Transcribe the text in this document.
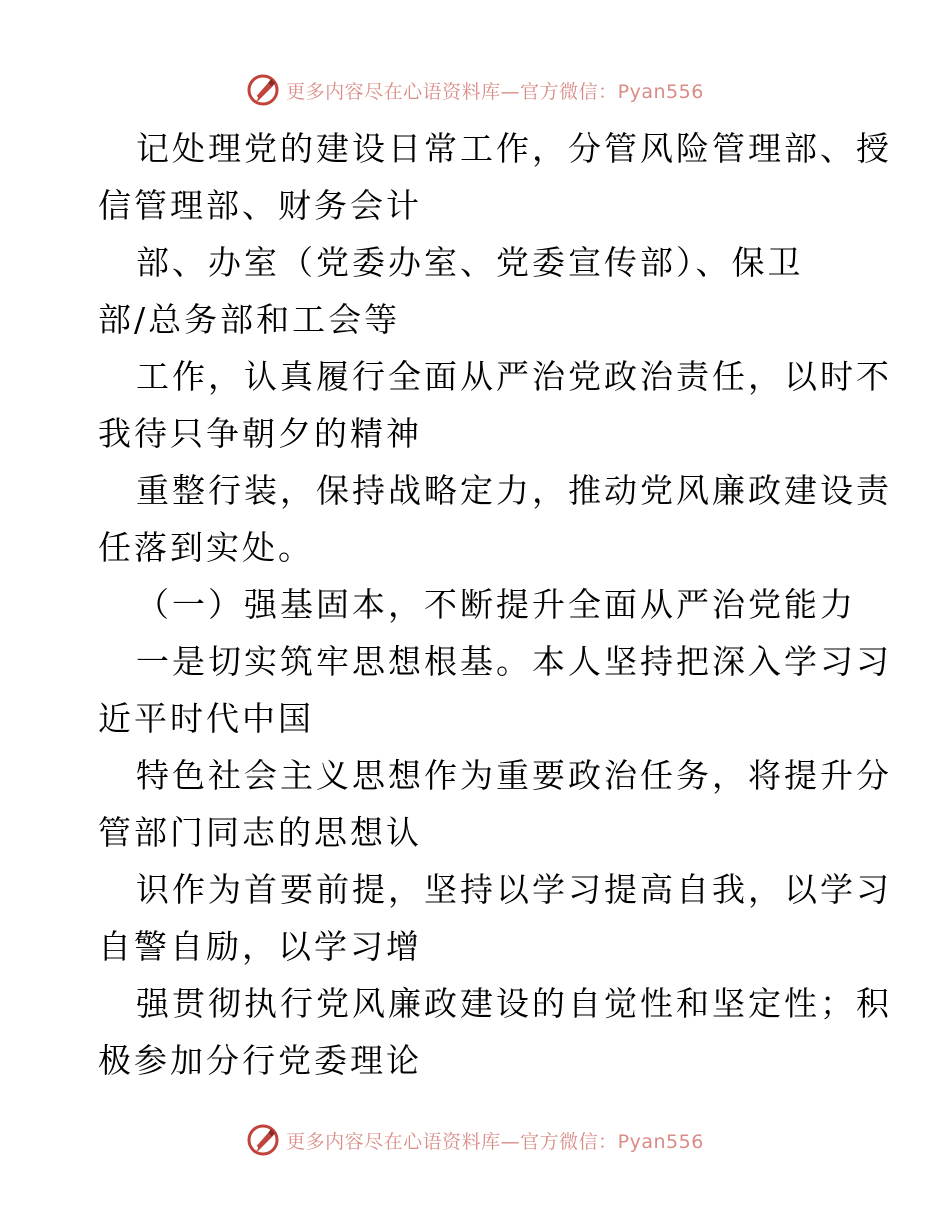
更多内容尽在心语资料库—官方微信：Pyan556
记处理党的建设日常工作，分管风险管理部、授
信管理部、财务会计
部、办室（党委办室、党委宣传部）、保卫
部/总务部和工会等
工作，认真履行全面从严治党政治责任，以时不
我待只争朝夕的精神
重整行装，保持战略定力，推动党风廉政建设责
任落到实处。
（一）强基固本，不断提升全面从严治党能力
一是切实筑牢思想根基。本人坚持把深入学习习
近平时代中国
特色社会主义思想作为重要政治任务，将提升分
管部门同志的思想认
识作为首要前提，坚持以学习提高自我，以学习
自警自励，以学习增
强贯彻执行党风廉政建设的自觉性和坚定性；积
极参加分行党委理论
更多内容尽在心语资料库—官方微信：Pyan556
